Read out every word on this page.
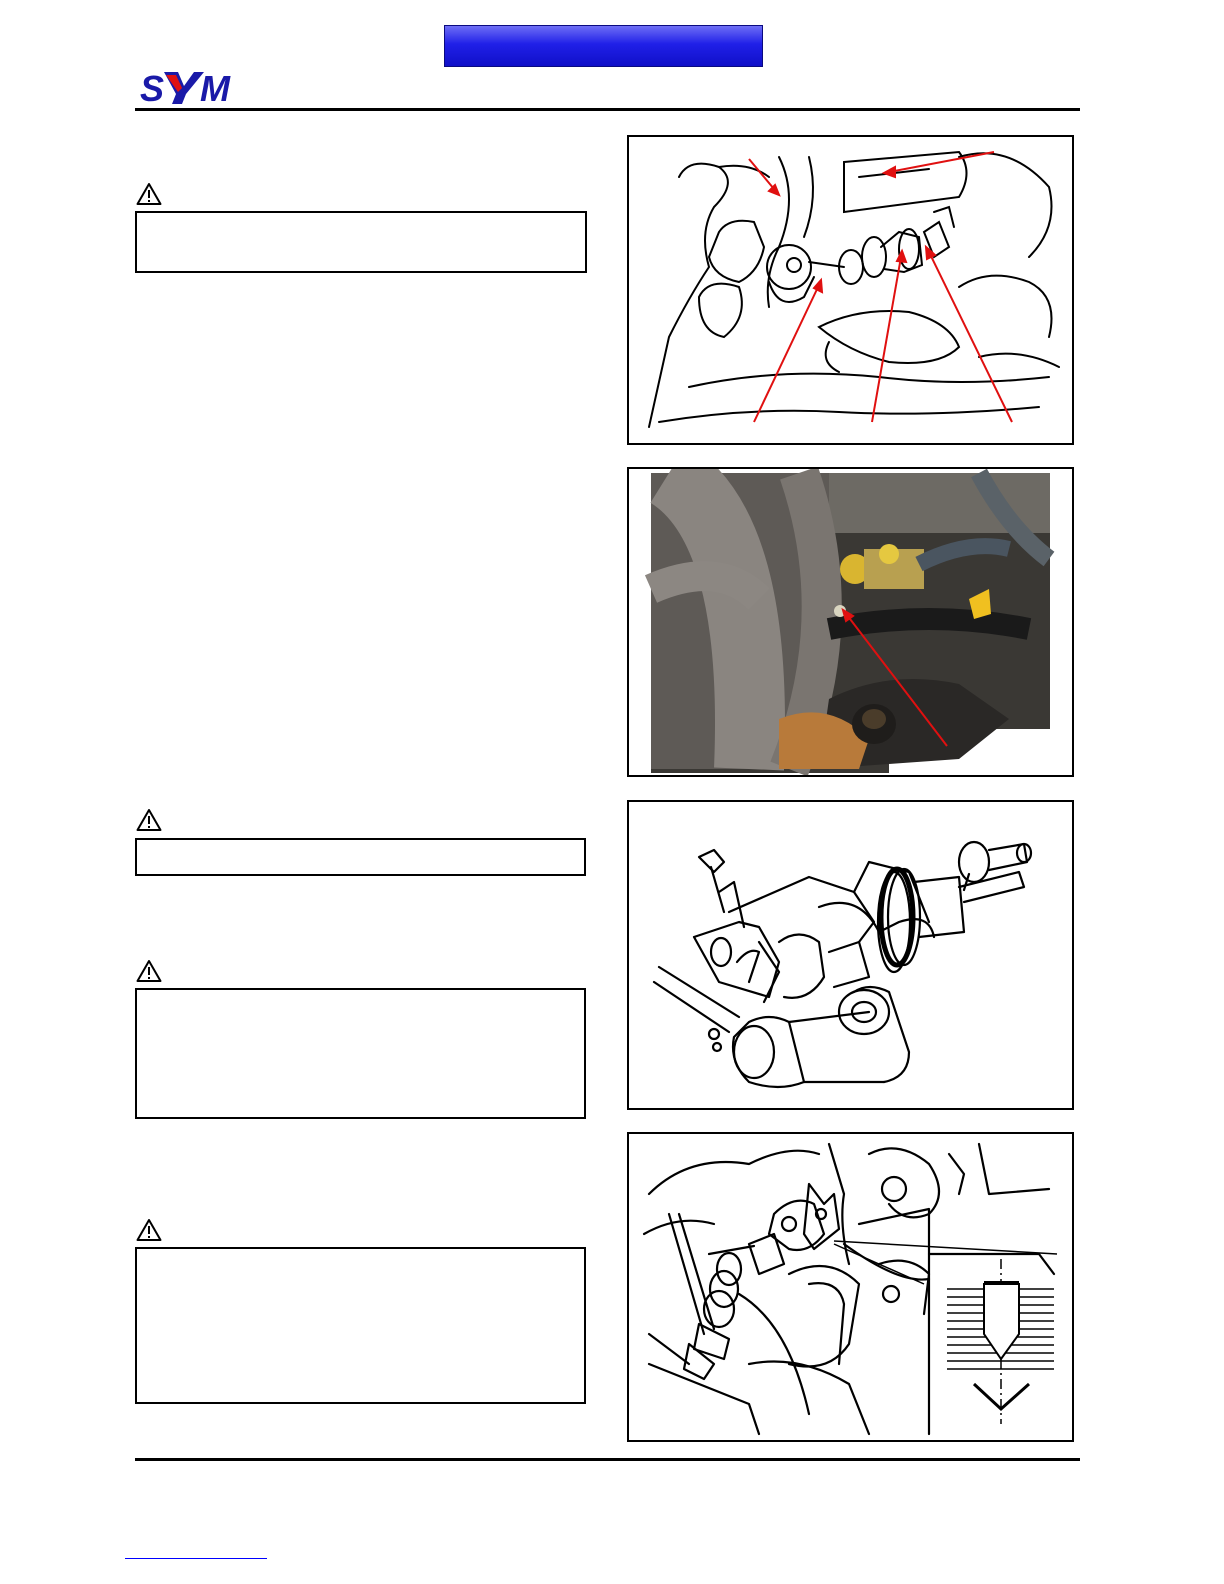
S M
